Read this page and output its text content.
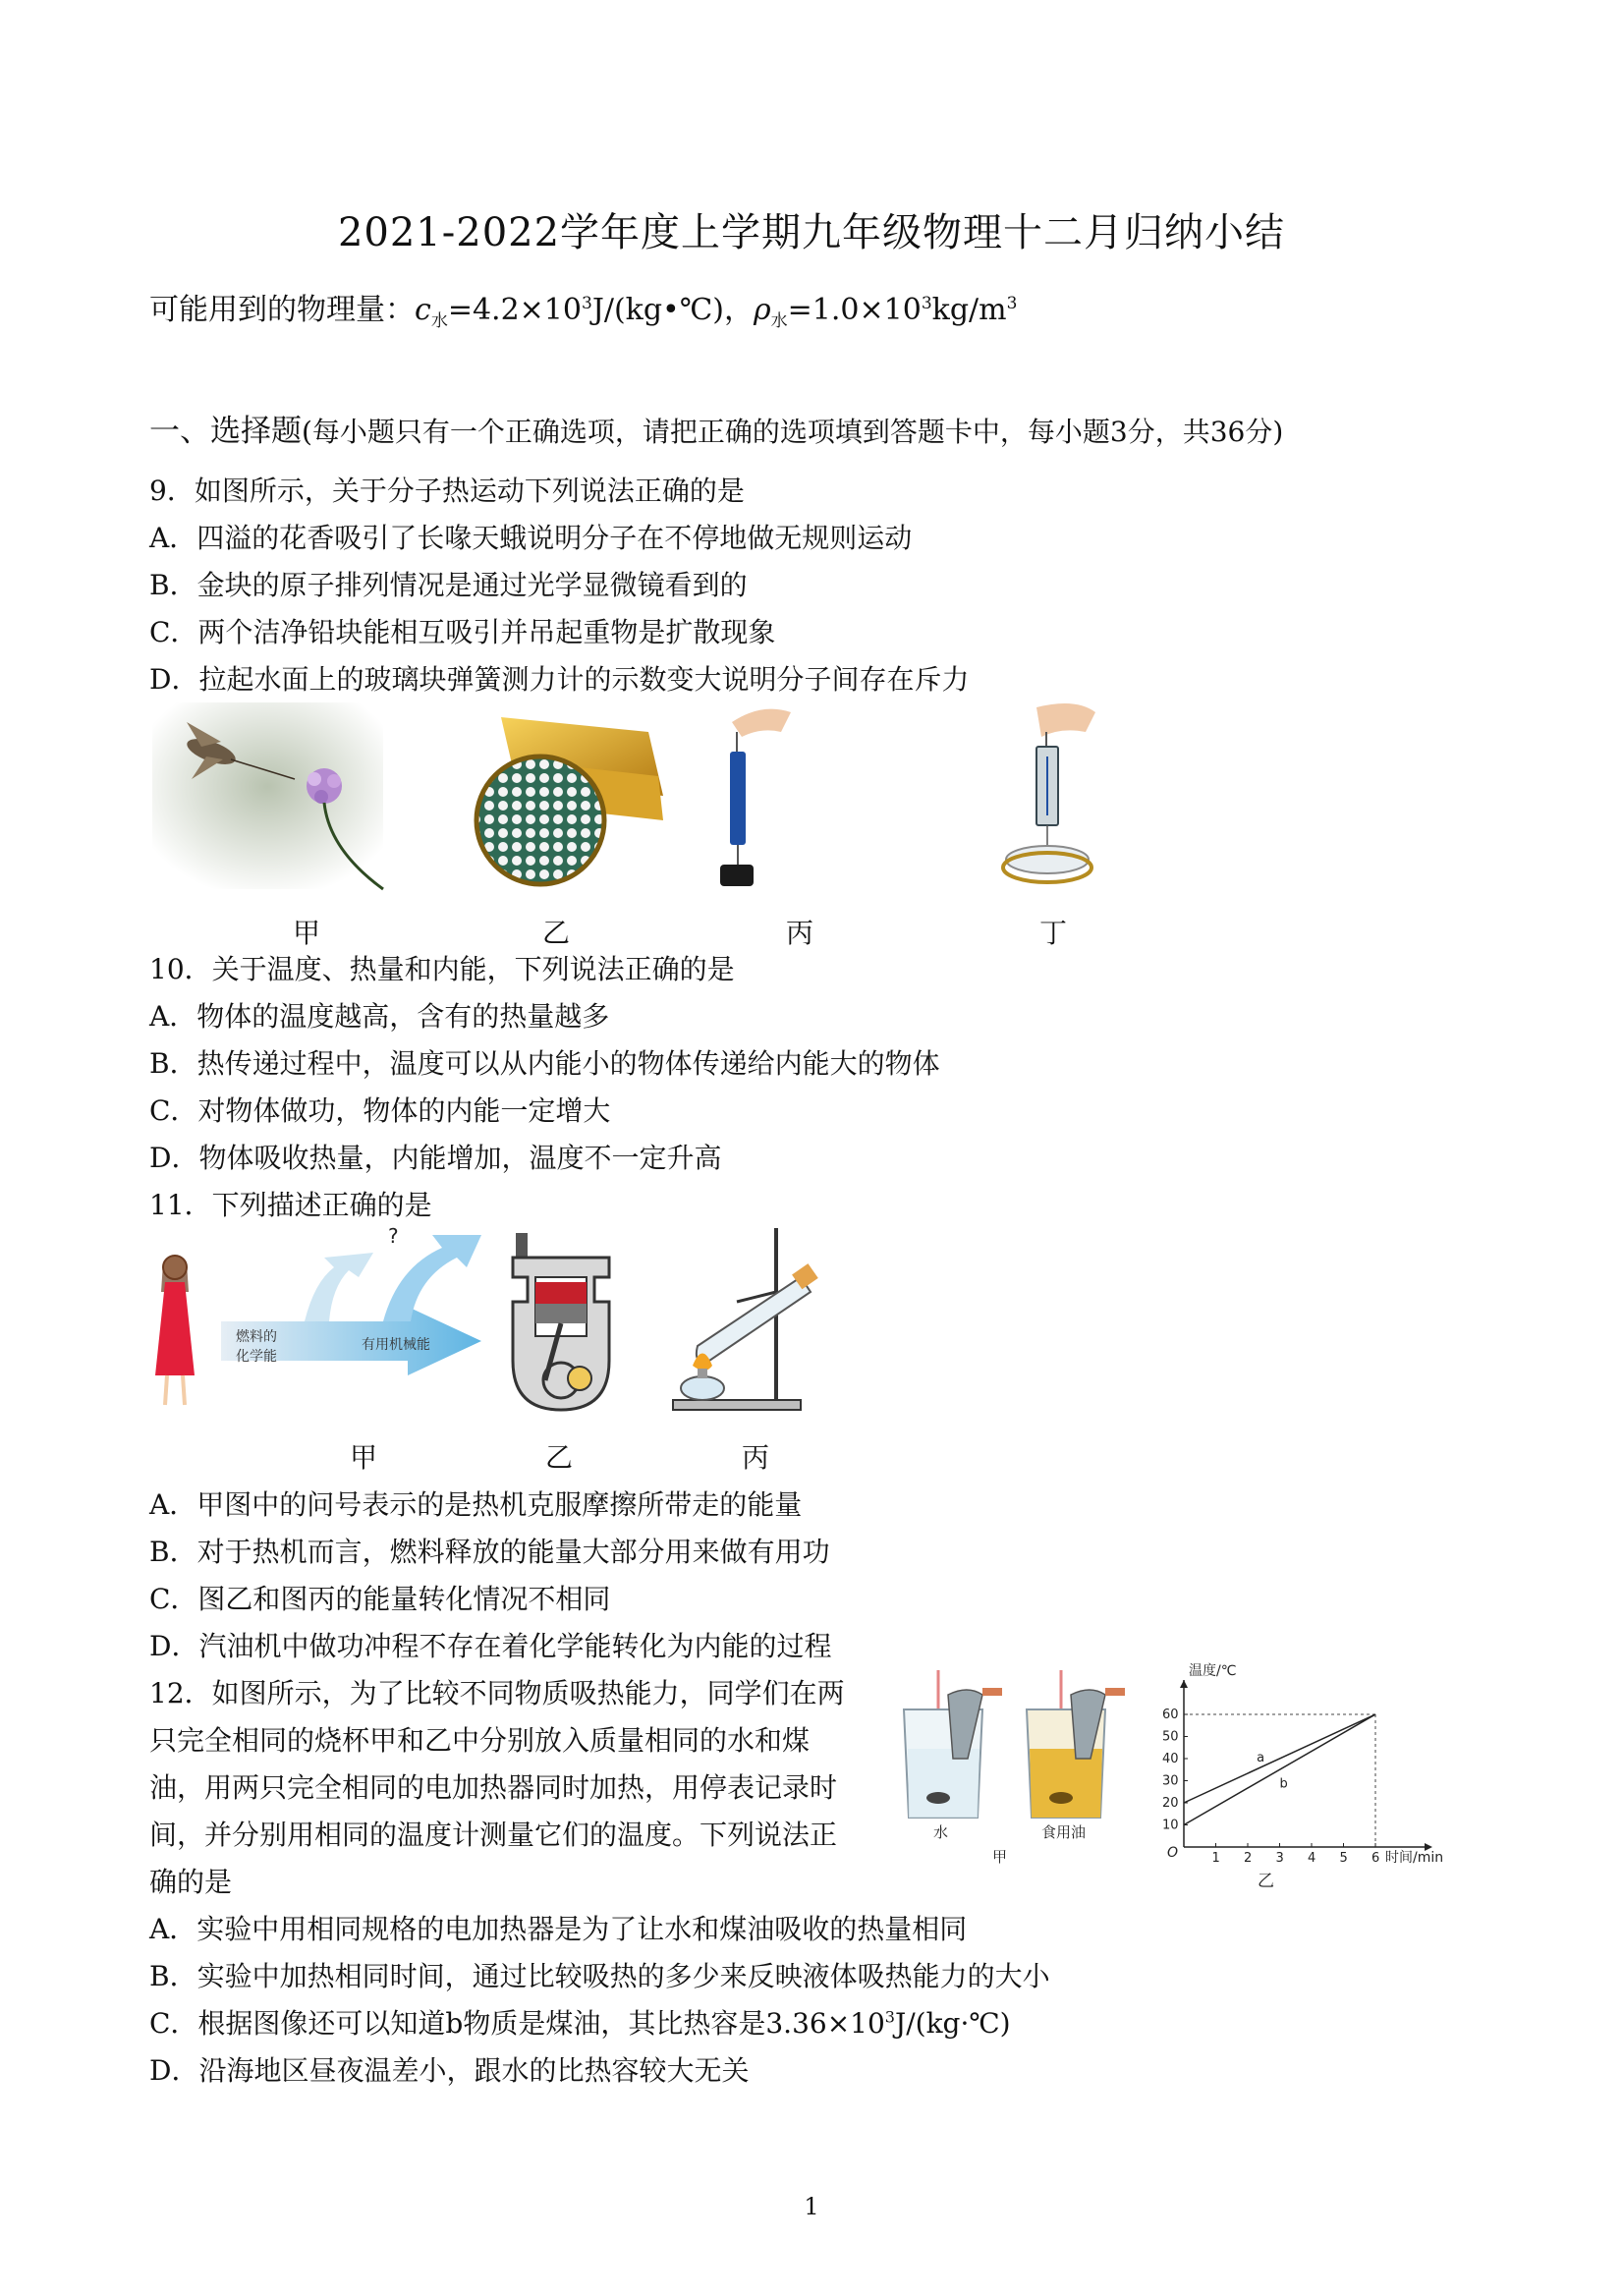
2021-2022学年度上学期九年级物理十二月归纳小结
可能用到的物理量：$c_水=4.2\times 10^3J/(kg•℃)$，$\rho_水=1.0\times 10^3kg/m^3$
一、选择题(每小题只有一个正确选项，请把正确的选项填到答题卡中，每小题3分，共36分)
9．如图所示，关于分子热运动下列说法正确的是
A．四溢的花香吸引了长喙天蛾说明分子在不停地做无规则运动
B．金块的原子排列情况是通过光学显微镜看到的
C．两个洁净铅块能相互吸引并吊起重物是扩散现象
D．拉起水面上的玻璃块弹簧测力计的示数变大说明分子间存在斥力
甲	乙	丙	丁
10．关于温度、热量和内能，下列说法正确的是
A．物体的温度越高，含有的热量越多
B．热传递过程中，温度可以从内能小的物体传递给内能大的物体
C．对物体做功，物体的内能一定增大
D．物体吸收热量，内能增加，温度不一定升高
11．下列描述正确的是
?
燃料的
化学能
有用机械能
甲	乙	丙
A．甲图中的问号表示的是热机克服摩擦所带走的能量
B．对于热机而言，燃料释放的能量大部分用来做有用功
C．图乙和图丙的能量转化情况不相同
D．汽油机中做功冲程不存在着化学能转化为内能的过程
12．如图所示，为了比较不同物质吸热能力，同学们在两
只完全相同的烧杯甲和乙中分别放入质量相同的水和煤
油，用两只完全相同的电加热器同时加热，用停表记录时
间，并分别用相同的温度计测量它们的温度。下列说法正
确的是
水	食用油
甲	1 2 3 4 5 6
10
20
30
40
50
60
a
b
温度/℃
时间/min
O
乙
A．实验中用相同规格的电加热器是为了让水和煤油吸收的热量相同
B．实验中加热相同时间，通过比较吸热的多少来反映液体吸热能力的大小
C．根据图像还可以知道b物质是煤油，其比热容是$3.36\times 10^3J/(kg\cdot℃)$
D．沿海地区昼夜温差小，跟水的比热容较大无关
1
